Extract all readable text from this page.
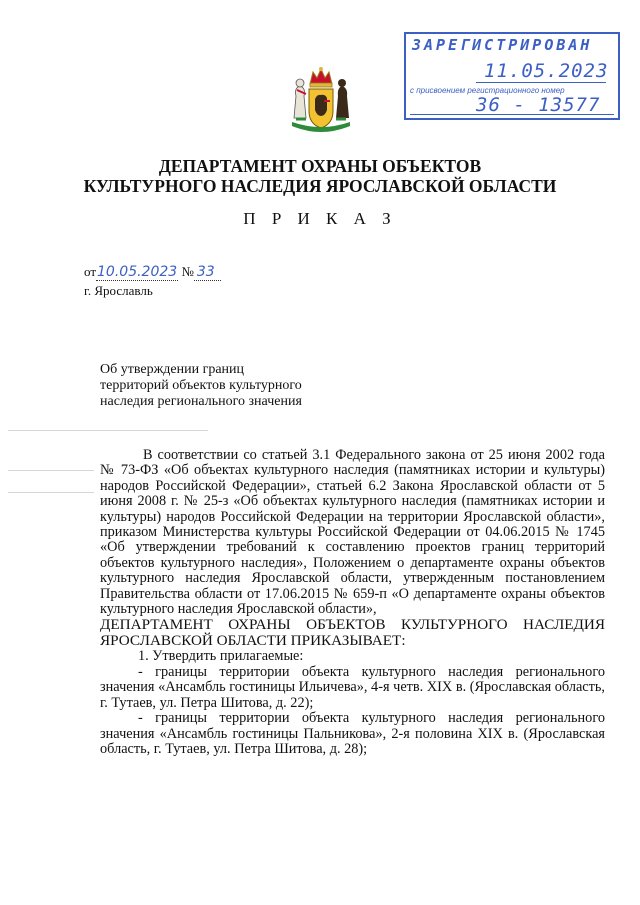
ЗАРЕГИСТРИРОВАН
11.05.2023
с присвоением регистрационного номер
36 - 13577
ДЕПАРТАМЕНТ ОХРАНЫ ОБЪЕКТОВ
КУЛЬТУРНОГО НАСЛЕДИЯ ЯРОСЛАВСКОЙ ОБЛАСТИ
П Р И К А З
от10.05.2023 № 33
г. Ярославль
Об утверждении границ
территорий объектов культурного
наследия регионального значения

В соответствии со статьей 3.1 Федерального закона от 25 июня 2002 года № 73-ФЗ «Об объектах культурного наследия (памятниках истории и культуры) народов Российской Федерации», статьей 6.2 Закона Ярославской области от 5 июня 2008 г. № 25-з «Об объектах культурного наследия (памятниках истории и культуры) народов Российской Федерации на территории Ярославской области», приказом Министерства культуры Российской Федерации от 04.06.2015 № 1745 «Об утверждении требований к составлению проектов границ территорий объектов культурного наследия», Положением о департаменте охраны объектов культурного наследия Ярославской области, утвержденным постановлением Правительства области от 17.06.2015 № 659-п «О департаменте охраны объектов культурного наследия Ярославской области»,

ДЕПАРТАМЕНТ ОХРАНЫ ОБЪЕКТОВ КУЛЬТУРНОГО НАСЛЕДИЯ ЯРОСЛАВСКОЙ ОБЛАСТИ ПРИКАЗЫВАЕТ:

1. Утвердить прилагаемые:

- границы территории объекта культурного наследия регионального значения «Ансамбль гостиницы Ильичева», 4-я четв. XIX в. (Ярославская область, г. Тутаев, ул. Петра Шитова, д. 22);

- границы территории объекта культурного наследия регионального значения «Ансамбль гостиницы Пальникова», 2-я половина XIX в. (Ярославская область, г. Тутаев, ул. Петра Шитова, д. 28);
